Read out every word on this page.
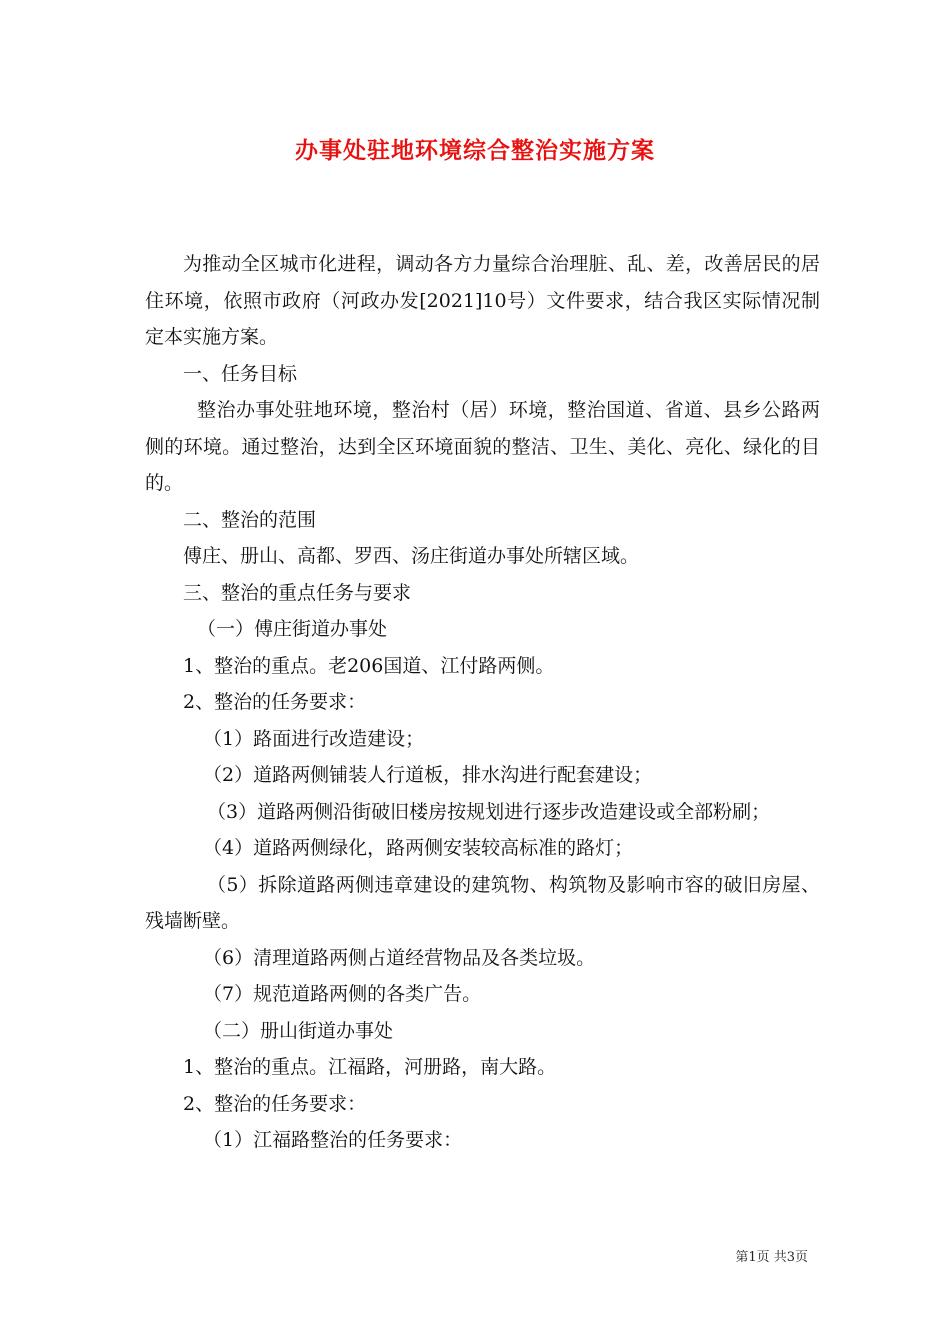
办事处驻地环境综合整治实施方案

为推动全区城市化进程，调动各方力量综合治理脏、乱、差，改善居民的居住环境，依照市政府（河政办发[2021]10号）文件要求，结合我区实际情况制定本实施方案。

一、任务目标

整治办事处驻地环境，整治村（居）环境，整治国道、省道、县乡公路两侧的环境。通过整治，达到全区环境面貌的整洁、卫生、美化、亮化、绿化的目的。

二、整治的范围

傅庄、册山、高都、罗西、汤庄街道办事处所辖区域。

三、整治的重点任务与要求

（一）傅庄街道办事处

1、整治的重点。老206国道、江付路两侧。

2、整治的任务要求：

（1）路面进行改造建设；

（2）道路两侧铺装人行道板，排水沟进行配套建设；

（3）道路两侧沿街破旧楼房按规划进行逐步改造建设或全部粉刷；

（4）道路两侧绿化，路两侧安装较高标准的路灯；

（5）拆除道路两侧违章建设的建筑物、构筑物及影响市容的破旧房屋、残墙断壁。

（6）清理道路两侧占道经营物品及各类垃圾。

（7）规范道路两侧的各类广告。

（二）册山街道办事处

1、整治的重点。江福路，河册路，南大路。

2、整治的任务要求：

（1）江福路整治的任务要求：

第1页 共3页
